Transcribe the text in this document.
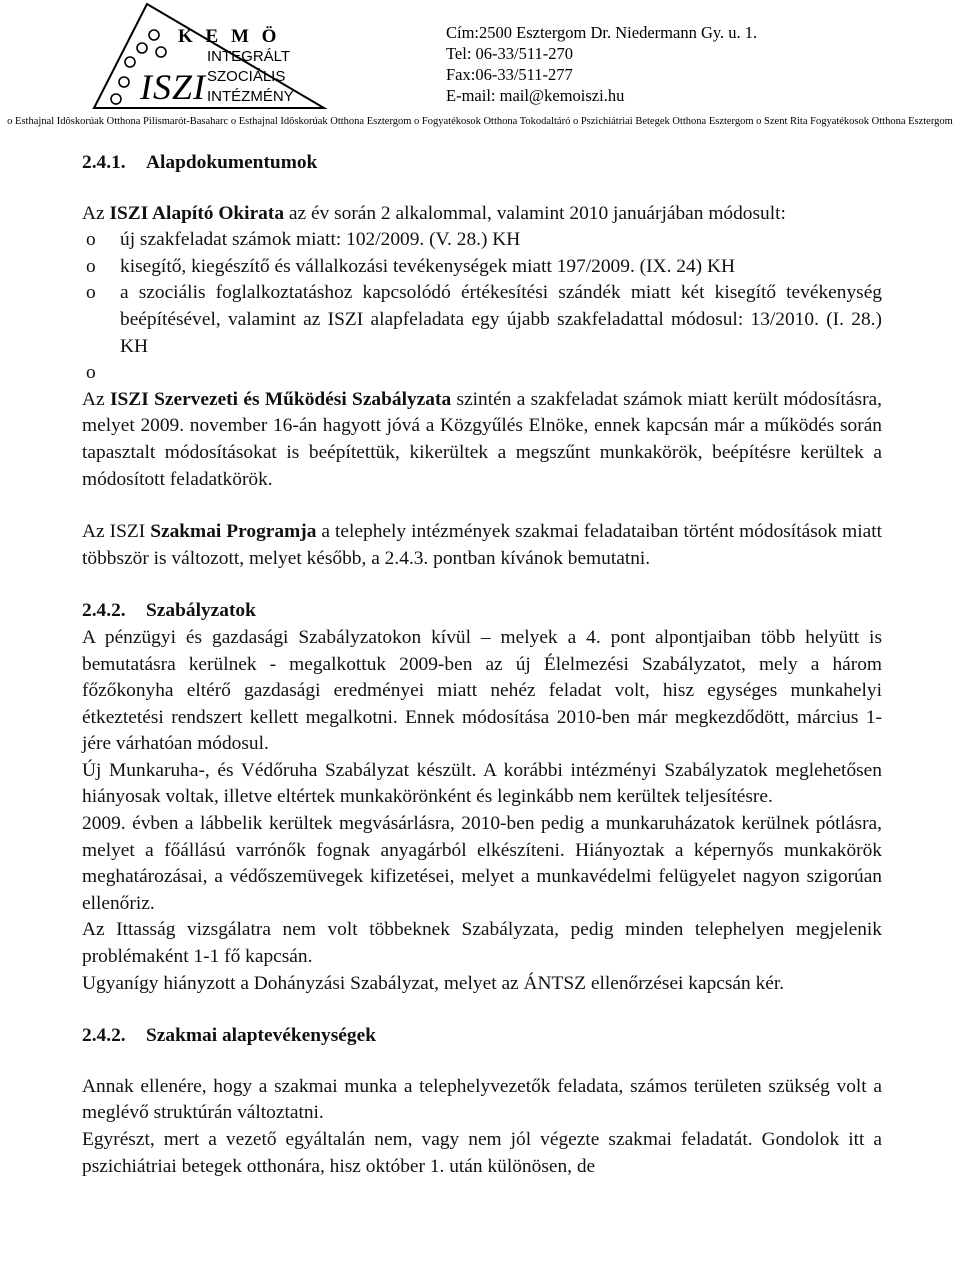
ISZI
K E M Ö
INTEGRÁLT
SZOCIÁLIS
INTÉZMÉNY
Cím:2500 Esztergom Dr. Niedermann Gy. u. 1.
Tel: 06-33/511-270
Fax:06-33/511-277
E-mail: mail@kemoiszi.hu
o Esthajnal Idôskorúak Otthona Pilismarót-Basaharc o Esthajnal Idôskorúak Otthona Esztergom o Fogyatékosok Otthona Tokodaltáró o Pszichiátriai Betegek Otthona Esztergom o Szent Rita Fogyatékosok Otthona Esztergom
2.4.1. Alapdokumentumok

Az ISZI Alapító Okirata az év során 2 alkalommal, valamint 2010 januárjában módosult:

o új szakfeladat számok miatt: 102/2009. (V. 28.) KH
o kisegítő, kiegészítő és vállalkozási tevékenységek miatt 197/2009. (IX. 24) KH
o a szociális foglalkoztatáshoz kapcsolódó értékesítési szándék miatt két kisegítő tevékenység beépítésével, valamint az ISZI alapfeladata egy újabb szakfeladattal módosul: 13/2010. (I. 28.) KH
o

Az ISZI Szervezeti és Működési Szabályzata szintén a szakfeladat számok miatt került módosításra, melyet 2009. november 16-án hagyott jóvá a Közgyűlés Elnöke, ennek kapcsán már a működés során tapasztalt módosításokat is beépítettük, kikerültek a megszűnt munkakörök, beépítésre kerültek a módosított feladatkörök.

Az ISZI Szakmai Programja a telephely intézmények szakmai feladataiban történt módosítások miatt többször is változott, melyet később, a 2.4.3. pontban kívánok bemutatni.

2.4.2. Szabályzatok

A pénzügyi és gazdasági Szabályzatokon kívül – melyek a 4. pont alpontjaiban több helyütt is bemutatásra kerülnek - megalkottuk 2009-ben az új Élelmezési Szabályzatot, mely a három főzőkonyha eltérő gazdasági eredményei miatt nehéz feladat volt, hisz egységes munkahelyi étkeztetési rendszert kellett megalkotni. Ennek módosítása 2010-ben már megkezdődött, március 1-jére várhatóan módosul.

Új Munkaruha-, és Védőruha Szabályzat készült. A korábbi intézményi Szabályzatok meglehetősen hiányosak voltak, illetve eltértek munkakörönként és leginkább nem kerültek teljesítésre.

2009. évben a lábbelik kerültek megvásárlásra, 2010-ben pedig a munkaruházatok kerülnek pótlásra, melyet a főállású varrónők fognak anyagárból elkészíteni. Hiányoztak a képernyős munkakörök meghatározásai, a védőszemüvegek kifizetései, melyet a munkavédelmi felügyelet nagyon szigorúan ellenőriz.

Az Ittasság vizsgálatra nem volt többeknek Szabályzata, pedig minden telephelyen megjelenik problémaként 1-1 fő kapcsán.

Ugyanígy hiányzott a Dohányzási Szabályzat, melyet az ÁNTSZ ellenőrzései kapcsán kér.

2.4.2. Szakmai alaptevékenységek

Annak ellenére, hogy a szakmai munka a telephelyvezetők feladata, számos területen szükség volt a meglévő struktúrán változtatni.

Egyrészt, mert a vezető egyáltalán nem, vagy nem jól végezte szakmai feladatát. Gondolok itt a pszichiátriai betegek otthonára, hisz október 1. után különösen, de
